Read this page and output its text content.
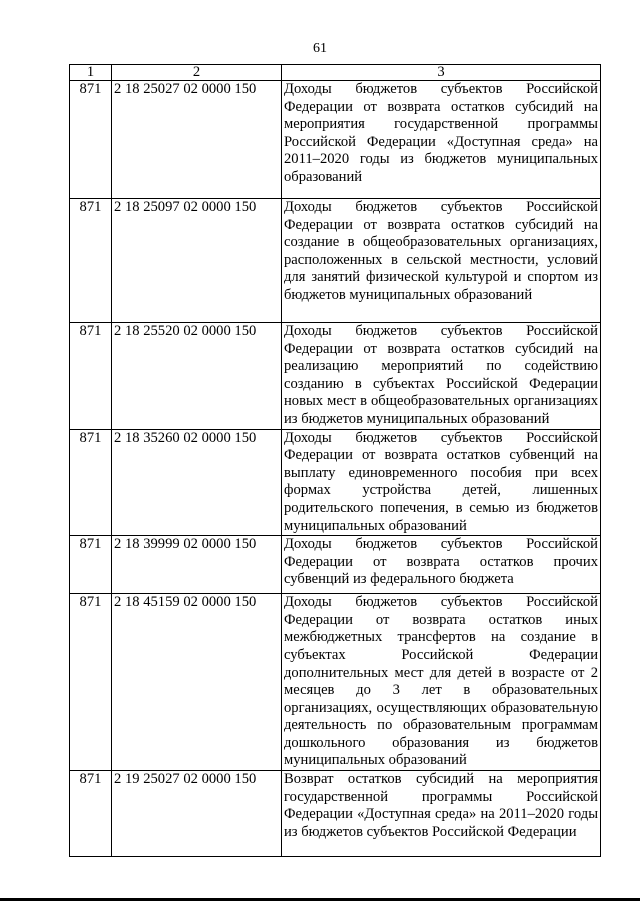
61
1	2	3
871	2 18 25027 02 0000 150	Доходы бюджетов субъектов Российской Федерации от возврата остатков субсидий на мероприятия государственной программы Российской Федерации «Доступная среда» на 2011–2020 годы из бюджетов муниципальных образований
871	2 18 25097 02 0000 150	Доходы бюджетов субъектов Российской Федерации от возврата остатков субсидий на создание в общеобразовательных организациях, расположенных в сельской местности, условий для занятий физической культурой и спортом из бюджетов муниципальных образований
871	2 18 25520 02 0000 150	Доходы бюджетов субъектов Российской Федерации от возврата остатков субсидий на реализацию мероприятий по содействию созданию в субъектах Российской Федерации новых мест в общеобразовательных организациях из бюджетов муниципальных образований
871	2 18 35260 02 0000 150	Доходы бюджетов субъектов Российской Федерации от возврата остатков субвенций на выплату единовременного пособия при всех формах устройства детей, лишенных родительского попечения, в семью из бюджетов муниципальных образований
871	2 18 39999 02 0000 150	Доходы бюджетов субъектов Российской Федерации от возврата остатков прочих субвенций из федерального бюджета
871	2 18 45159 02 0000 150	Доходы бюджетов субъектов Российской Федерации от возврата остатков иных межбюджетных трансфертов на создание в субъектах Российской Федерации дополнительных мест для детей в возрасте от 2 месяцев до 3 лет в образовательных организациях, осуществляющих образовательную деятельность по образовательным программам дошкольного образования из бюджетов муниципальных образований
871	2 19 25027 02 0000 150	Возврат остатков субсидий на мероприятия государственной программы Российской Федерации «Доступная среда» на 2011–2020 годы из бюджетов субъектов Российской Федерации
